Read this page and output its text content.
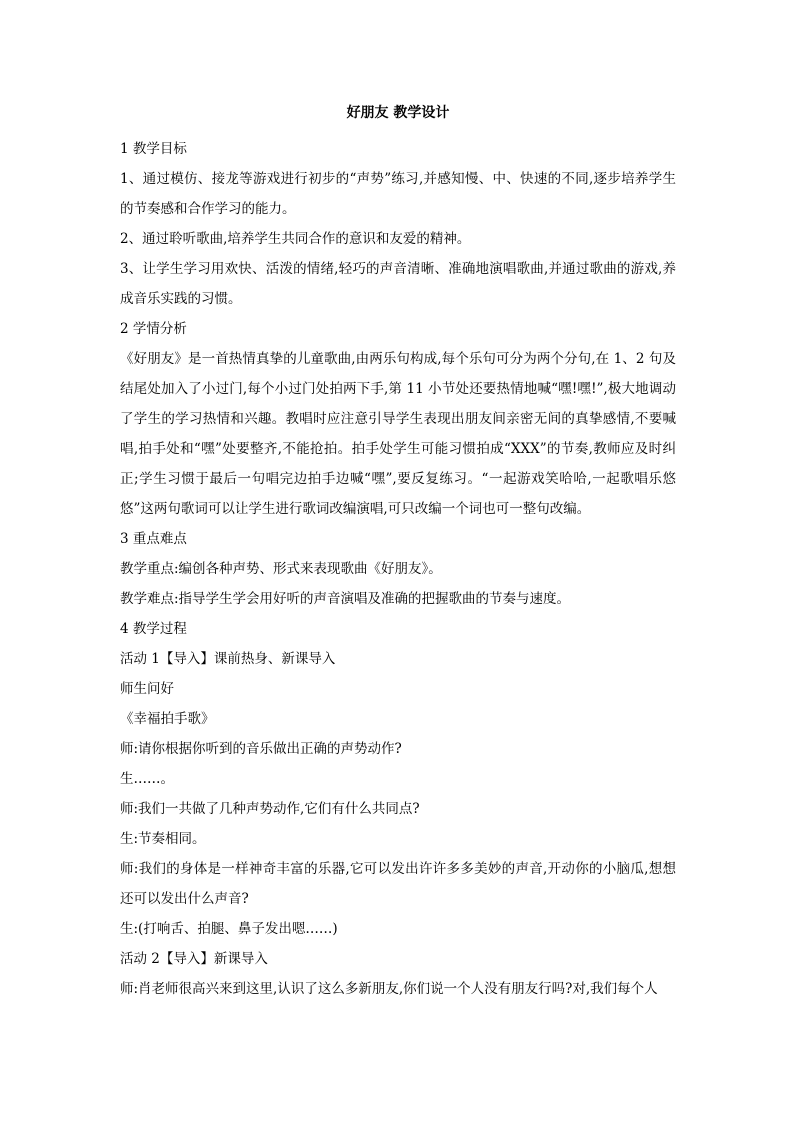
好朋友 教学设计

1 教学目标

1、通过模仿、接龙等游戏进行初步的“声势”练习,并感知慢、中、快速的不同,逐步培养学生的节奏感和合作学习的能力。

2、通过聆听歌曲,培养学生共同合作的意识和友爱的精神。

3、让学生学习用欢快、活泼的情绪,轻巧的声音清晰、准确地演唱歌曲,并通过歌曲的游戏,养成音乐实践的习惯。

2 学情分析

《好朋友》是一首热情真挚的儿童歌曲,由两乐句构成,每个乐句可分为两个分句,在 1、2 句及结尾处加入了小过门,每个小过门处拍两下手,第 11 小节处还要热情地喊“嘿!嘿!”,极大地调动了学生的学习热情和兴趣。教唱时应注意引导学生表现出朋友间亲密无间的真挚感情,不要喊唱,拍手处和“嘿”处要整齐,不能抢拍。拍手处学生可能习惯拍成“XXX”的节奏,教师应及时纠正;学生习惯于最后一句唱完边拍手边喊“嘿”,要反复练习。“一起游戏笑哈哈,一起歌唱乐悠悠”这两句歌词可以让学生进行歌词改编演唱,可只改编一个词也可一整句改编。

3 重点难点

教学重点:编创各种声势、形式来表现歌曲《好朋友》。

教学难点:指导学生学会用好听的声音演唱及准确的把握歌曲的节奏与速度。

4 教学过程

活动 1【导入】课前热身、新课导入

师生问好

《幸福拍手歌》

师:请你根据你听到的音乐做出正确的声势动作?

生……。

师:我们一共做了几种声势动作,它们有什么共同点?

生:节奏相同。

师:我们的身体是一样神奇丰富的乐器,它可以发出许许多多美妙的声音,开动你的小脑瓜,想想还可以发出什么声音?

生:(打响舌、拍腿、鼻子发出嗯……)

活动 2【导入】新课导入

师:肖老师很高兴来到这里,认识了这么多新朋友,你们说一个人没有朋友行吗?对,我们每个人
